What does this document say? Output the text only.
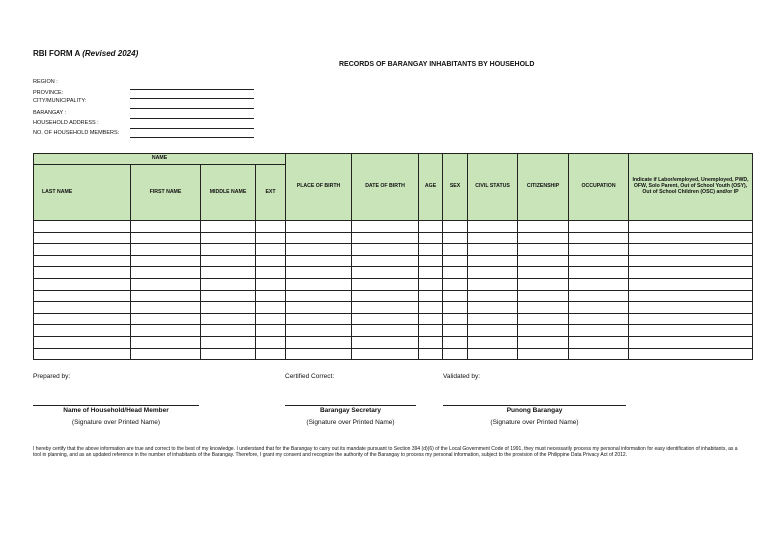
RBI FORM A (Revised 2024)
RECORDS OF BARANGAY INHABITANTS BY HOUSEHOLD
REGION :
PROVINCE:
CITY/MUNICIPALITY:
BARANGAY :
HOUSEHOLD ADDRESS :
NO. OF HOUSEHOLD MEMBERS:
NAME				PLACE OF BIRTH	DATE OF BIRTH	AGE	SEX	CIVIL STATUS	CITIZENSHIP	OCCUPATION	Indicate if Labor/employed, Unemployed, PWD, OFW, Solo Parent, Out of School Youth (OSY), Out of School Children (OSC) and/or IP
LAST NAME	FIRST NAME	MIDDLE NAME	EXT								

Prepared by:	Certified Correct:	Validated by:
Name of Household/Head Member	Barangay Secretary	Punong Barangay
(Signature over Printed Name)	(Signature over Printed Name)	(Signature over Printed Name)
I hereby certify that the above information are true and correct to the best of my knowledge. I understand that for the Barangay to carry out its mandate pursuant to Section 394 (d)(6) of the Local Government Code of 1991, they must necessarily process my personal information for easy identification of inhabitants, as a tool in planning, and as an updated reference in the number of inhabitants of the Barangay. Therefore, I grant my consent and recognize the authority of the Barangay to process my personal information, subject to the provision of the Philippine Data Privacy Act of 2012.
